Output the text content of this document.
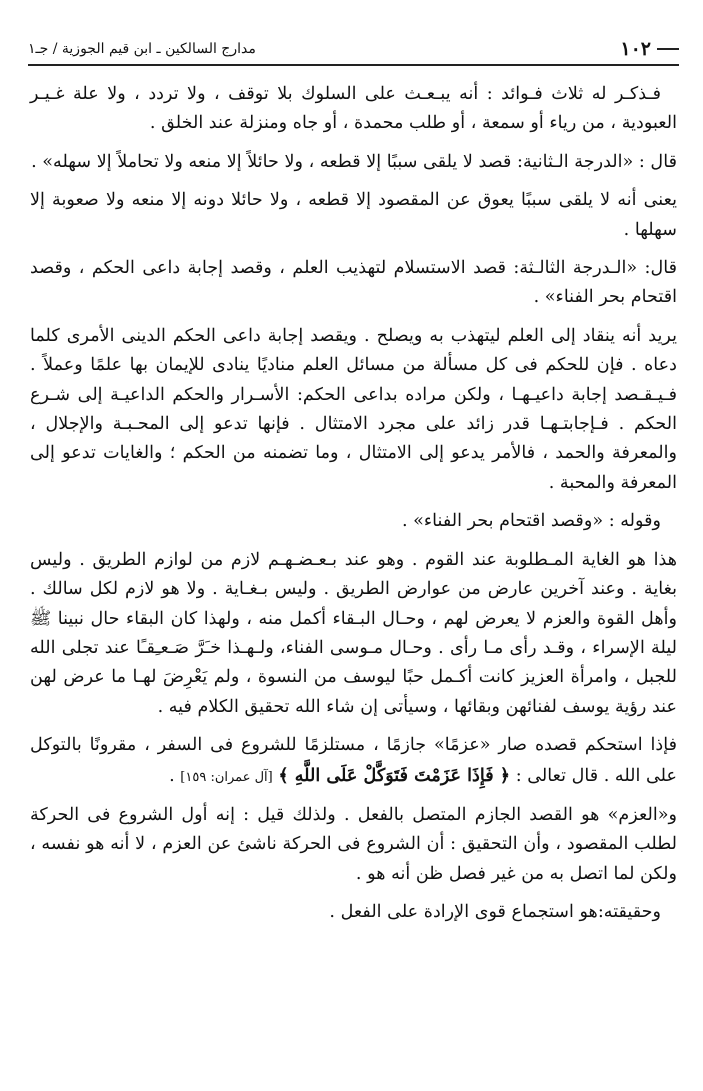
١٠٢
مدارج السالكين ـ ابن قيم الجوزية / جـ١

فـذكـر له ثلاث فـوائد : أنه يبـعـث على السلوك بلا توقف ، ولا تردد ، ولا علة غـيـر العبودية ، من رياء أو سمعة ، أو طلب محمدة ، أو جاه ومنزلة عند الخلق .

قال : «الدرجة الـثانية: قصد لا يلقى سببًا إلا قطعه ، ولا حائلاً إلا منعه ولا تحاملاً إلا سهله» .

يعنى أنه لا يلقى سببًا يعوق عن المقصود إلا قطعه ، ولا حائلا دونه إلا منعه ولا صعوبة إلا سهلها .

قال: «الـدرجة الثالـثة: قصد الاستسلام لتهذيب العلم ، وقصد إجابة داعى الحكم ، وقصد اقتحام بحر الفناء» .

يريد أنه ينقاد إلى العلم ليتهذب به ويصلح . ويقصد إجابة داعى الحكم الدينى الأمرى كلما دعاه . فإن للحكم فى كل مسألة من مسائل العلم مناديًا ينادى للإيمان بها علمًا وعملاً . فـيـقـصد إجابة داعيـهـا ، ولكن مراده بداعى الحكم: الأسـرار والحكم الداعيـة إلى شـرع الحكم . فـإجابتـهـا قدر زائد على مجرد الامتثال . فإنها تدعو إلى المحـبـة والإجلال ، والمعرفة والحمد ، فالأمر يدعو إلى الامتثال ، وما تضمنه من الحكم ؛ والغايات تدعو إلى المعرفة والمحبة .

وقوله : «وقصد اقتحام بحر الفناء» .

هذا هو الغاية المـطلوبة عند القوم . وهو عند بـعـضـهـم لازم من لوازم الطريق . وليس بغاية . وعند آخرين عارض من عوارض الطريق . وليس بـغـاية . ولا هو لازم لكل سالك . وأهل القوة والعزم لا يعرض لهم ، وحـال البـقاء أكمل منه ، ولهذا كان البقاء حال نبينا ﷺ ليلة الإسراء ، وقـد رأى مـا رأى . وحـال مـوسى الفناء، ولـهـذا خـَرَّ صَـعـِقـًا عند تجلى الله للجبل ، وامرأة العزيز كانت أكـمل حبًا ليوسف من النسوة ، ولم يَعْرِضَ لهـا ما عرض لهن عند رؤية يوسف لفنائهن وبقائها ، وسيأتى إن شاء الله تحقيق الكلام فيه .

فإذا استحكم قصده صار «عزمًا» جازمًا ، مستلزمًا للشروع فى السفر ، مقرونًا بالتوكل على الله . قال تعالى : ﴿ فَإِذَا عَزَمْتَ فَتَوَكَّلْ عَلَى اللَّهِ ﴾ [آل عمران: ١٥٩] .

و«العزم» هو القصد الجازم المتصل بالفعل . ولذلك قيل : إنه أول الشروع فى الحركة لطلب المقصود ، وأن التحقيق : أن الشروع فى الحركة ناشئ عن العزم ، لا أنه هو نفسه ، ولكن لما اتصل به من غير فصل ظن أنه هو .

وحقيقته:هو استجماع قوى الإرادة على الفعل .
